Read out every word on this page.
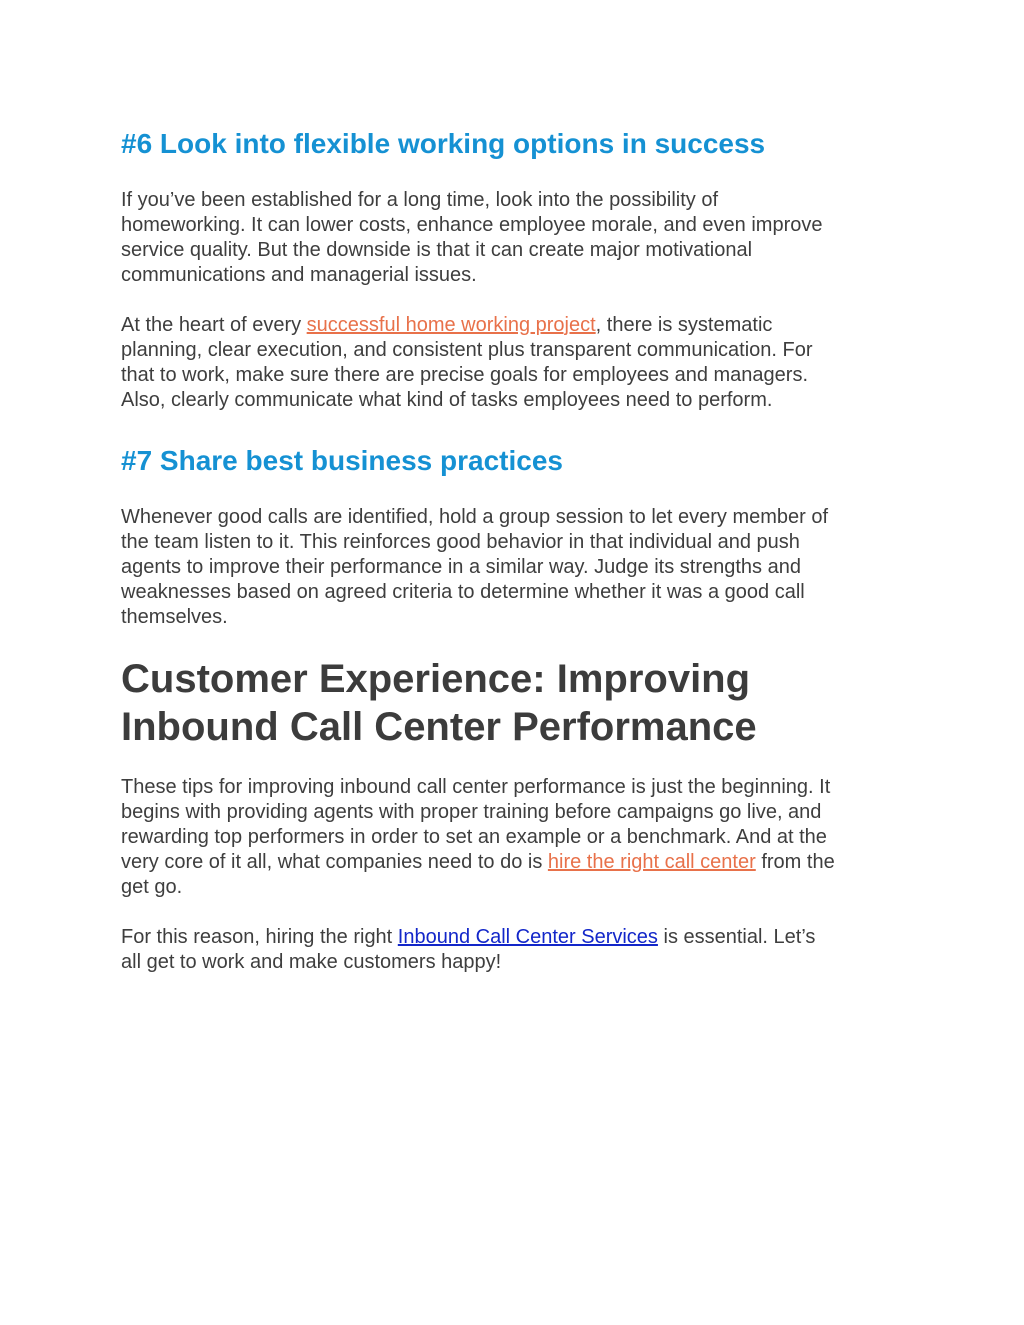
#6 Look into flexible working options in success

If you’ve been established for a long time, look into the possibility of
homeworking. It can lower costs, enhance employee morale, and even improve
service quality. But the downside is that it can create major motivational
communications and managerial issues.

At the heart of every successful home working project, there is systematic
planning, clear execution, and consistent plus transparent communication. For
that to work, make sure there are precise goals for employees and managers.
Also, clearly communicate what kind of tasks employees need to perform.

#7 Share best business practices

Whenever good calls are identified, hold a group session to let every member of
the team listen to it. This reinforces good behavior in that individual and push
agents to improve their performance in a similar way. Judge its strengths and
weaknesses based on agreed criteria to determine whether it was a good call
themselves.

Customer Experience: Improving
Inbound Call Center Performance

These tips for improving inbound call center performance is just the beginning. It
begins with providing agents with proper training before campaigns go live, and
rewarding top performers in order to set an example or a benchmark. And at the
very core of it all, what companies need to do is hire the right call center from the
get go.

For this reason, hiring the right Inbound Call Center Services is essential. Let’s
all get to work and make customers happy!
